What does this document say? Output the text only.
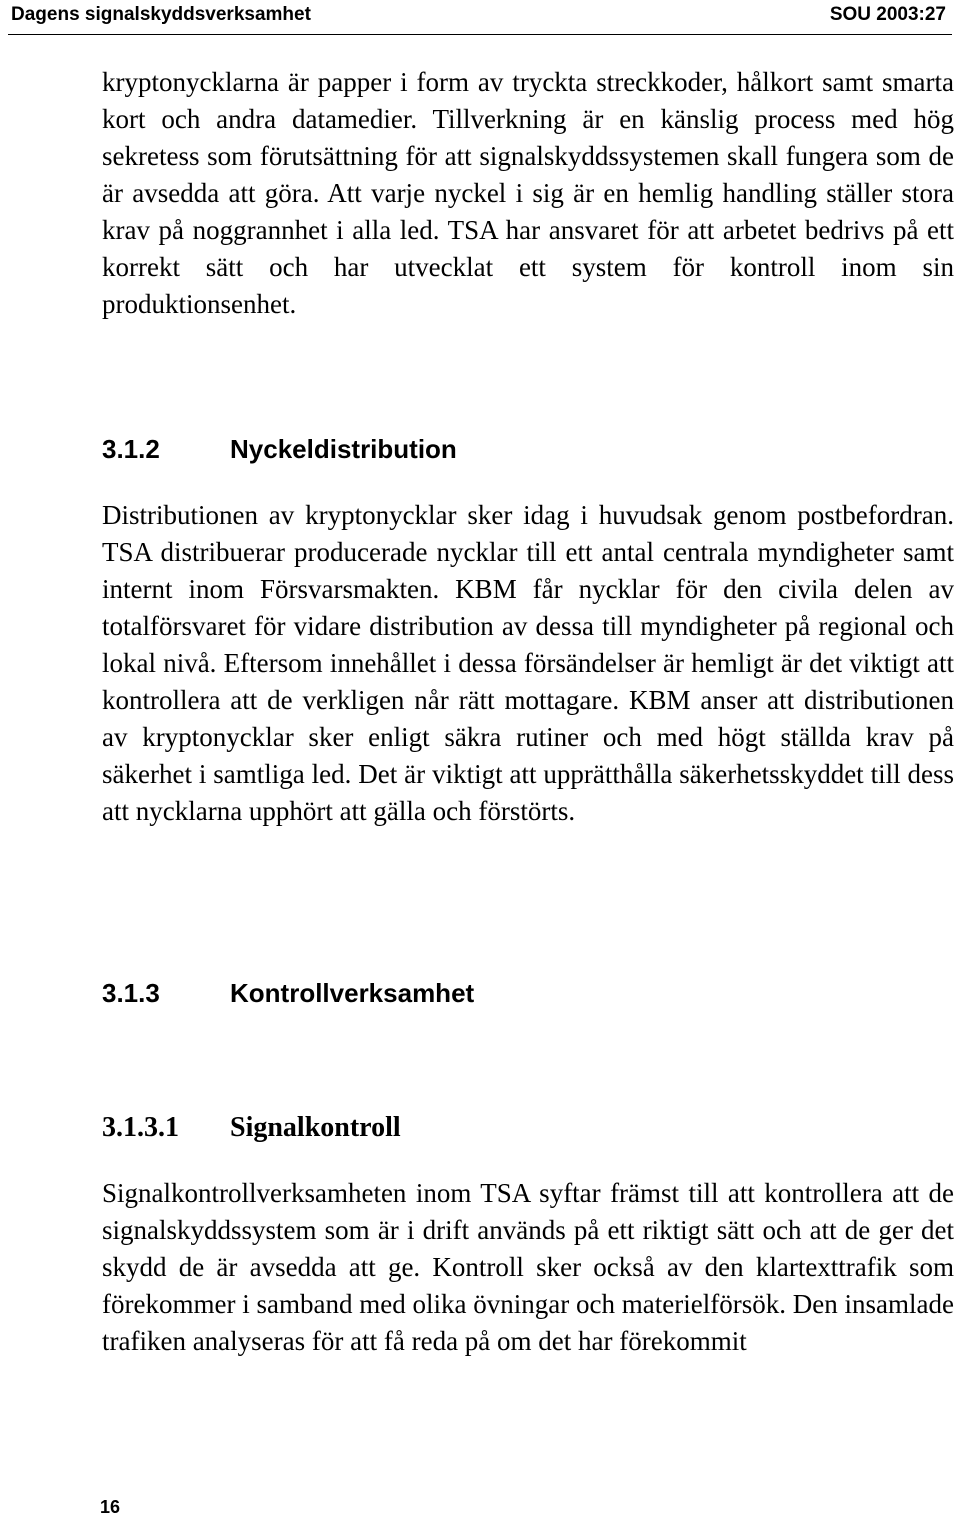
Dagens signalskyddsverksamhet	SOU 2003:27

kryptonycklarna är papper i form av tryckta streckkoder, hålkort samt smarta kort och andra datamedier. Tillverkning är en känslig process med hög sekretess som förutsättning för att signalskyddssystemen skall fungera som de är avsedda att göra. Att varje nyckel i sig är en hemlig handling ställer stora krav på noggrannhet i alla led. TSA har ansvaret för att arbetet bedrivs på ett korrekt sätt och har utvecklat ett system för kontroll inom sin produktionsenhet.

3.1.2	Nyckeldistribution

Distributionen av kryptonycklar sker idag i huvudsak genom postbefordran. TSA distribuerar producerade nycklar till ett antal centrala myndigheter samt internt inom Försvarsmakten. KBM får nycklar för den civila delen av totalförsvaret för vidare distribution av dessa till myndigheter på regional och lokal nivå. Eftersom innehållet i dessa försändelser är hemligt är det viktigt att kontrollera att de verkligen når rätt mottagare. KBM anser att distributionen av kryptonycklar sker enligt säkra rutiner och med högt ställda krav på säkerhet i samtliga led. Det är viktigt att upprätthålla säkerhetsskyddet till dess att nycklarna upphört att gälla och förstörts.

3.1.3	Kontrollverksamhet
3.1.3.1	Signalkontroll

Signalkontrollverksamheten inom TSA syftar främst till att kontrollera att de signalskyddssystem som är i drift används på ett riktigt sätt och att de ger det skydd de är avsedda att ge. Kontroll sker också av den klartexttrafik som förekommer i samband med olika övningar och materielförsök. Den insamlade trafiken analyseras för att få reda på om det har förekommit

16
